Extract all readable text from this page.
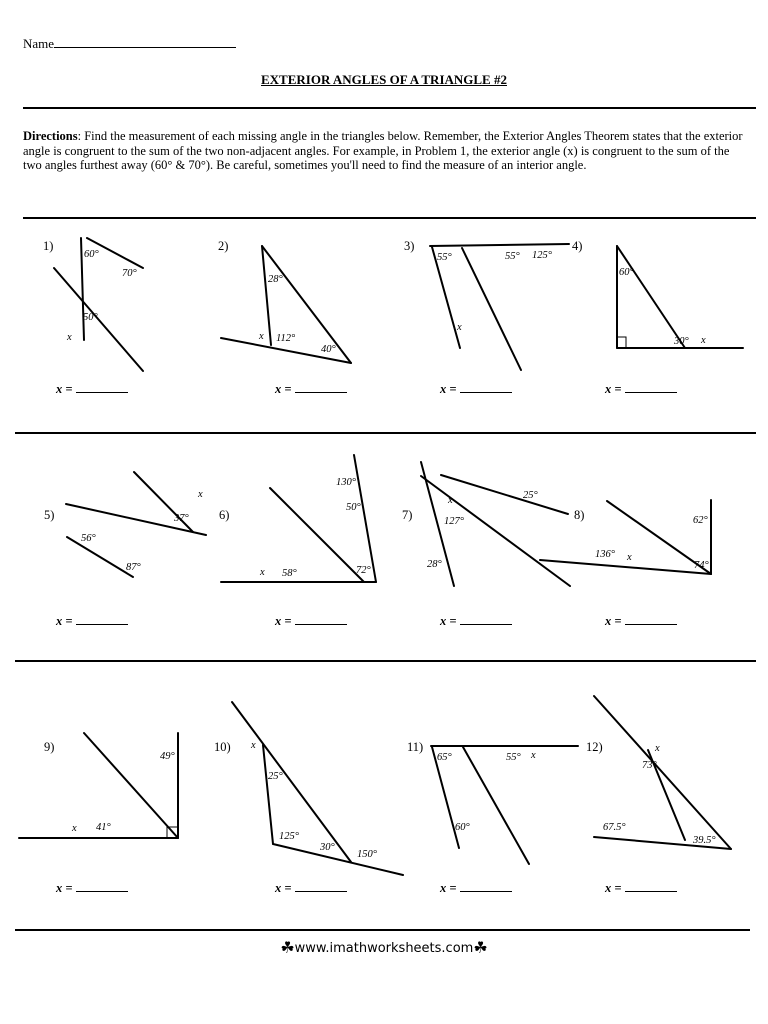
Name
EXTERIOR ANGLES OF A TRIANGLE #2
Directions: Find the measurement of each missing angle in the triangles below. Remember, the Exterior Angles Theorem states that the exterior angle is congruent to the sum of the two non-adjacent angles. For example, in Problem 1, the exterior angle (x) is congruent to the sum of the two angles furthest away (60° & 70°). Be careful, sometimes you'll need to find the measure of an interior angle.
1)	2)	3)	4)
5)	6)	7)	8)
9)	10)	11)	12)
60°
70°
50°
x
28°
x 112°
40°
55°	55° 125°
x
60°
30° x
x
37°
56°
87°
130°
50°
x 58°	72°
x	25°
127°
28°
62°
136° x
74°
49°
x 41°
x
25°
125°
30°
150°
65°	55° x
60°
x
73°
67.5°
39.5°
x =	x =	x =	x =
x =	x =	x =	x =
x =	x =	x =	x =
☘www.imathworksheets.com☘
